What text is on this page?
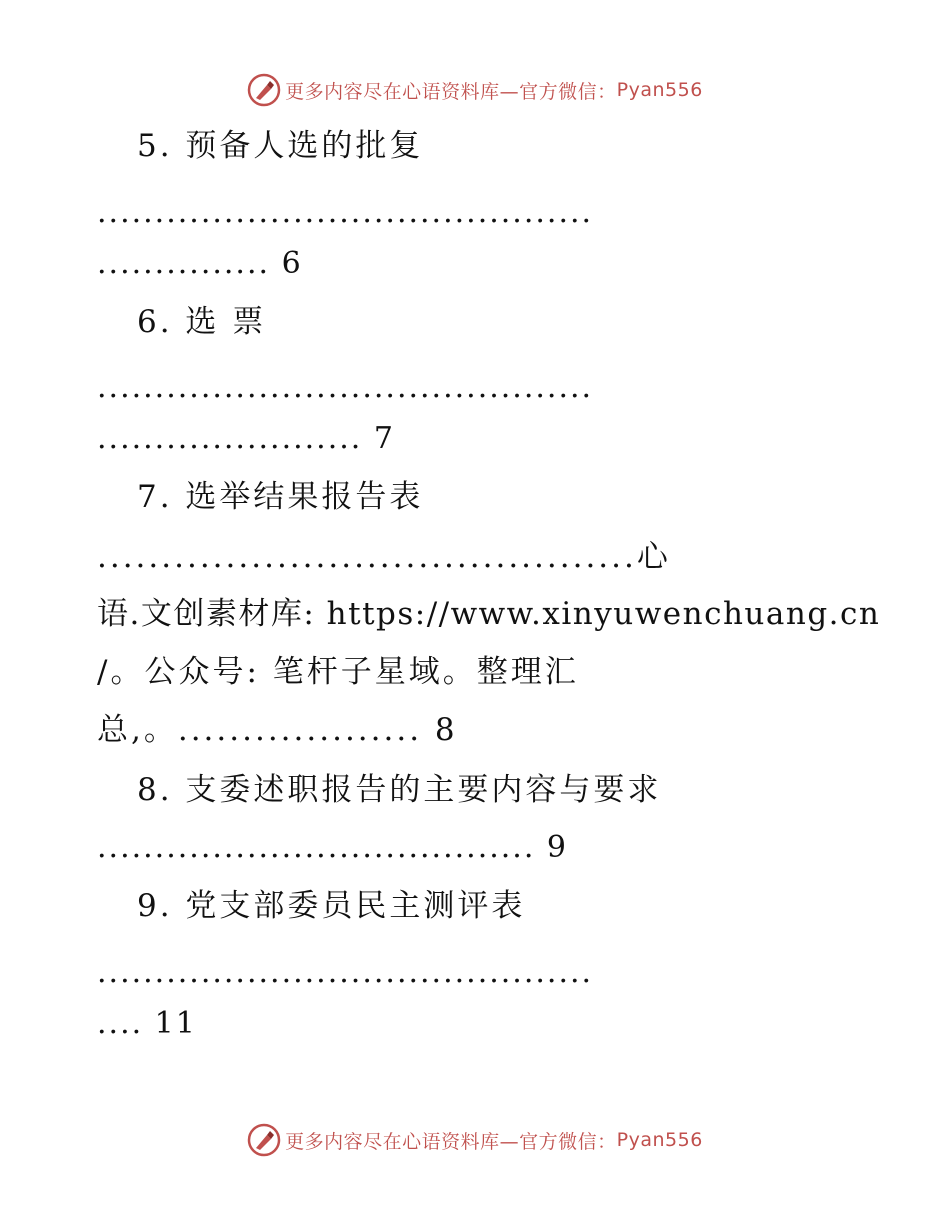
更多内容尽在心语资料库—官方微信： Pyan556
5. 预备人选的批复
...........................................
............... 6
6. 选 票
...........................................
....................... 7
7. 选举结果报告表
..........................................心
语.文创素材库: https://www.xinyuwenchuang.cn
/。公众号: 笔杆子星域。整理汇
总,。................... 8
8. 支委述职报告的主要内容与要求
...................................... 9
9. 党支部委员民主测评表
...........................................
.... 11
更多内容尽在心语资料库—官方微信： Pyan556
